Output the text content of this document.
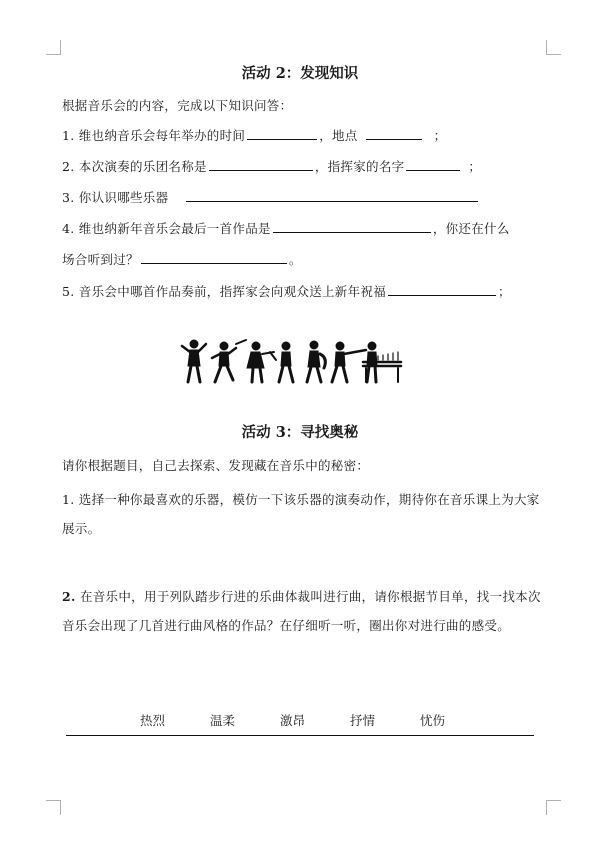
活动 2：发现知识
根据音乐会的内容，完成以下知识问答：
1. 维也纳音乐会每年举办的时间	，地点	；
2. 本次演奏的乐团名称是	，指挥家的名字	；
3. 你认识哪些乐器
4. 维也纳新年音乐会最后一首作品是	，你还在什么
场合听到过？	。
5. 音乐会中哪首作品奏前，指挥家会向观众送上新年祝福	；
活动 3：寻找奥秘
请你根据题目，自己去探索、发现藏在音乐中的秘密：
1. 选择一种你最喜欢的乐器，模仿一下该乐器的演奏动作，期待你在音乐课上为大家展示。
2. 在音乐中，用于列队踏步行进的乐曲体裁叫进行曲，请你根据节目单，找一找本次音乐会出现了几首进行曲风格的作品？在仔细听一听，圈出你对进行曲的感受。
热烈	温柔	激昂	抒情	忧伤
